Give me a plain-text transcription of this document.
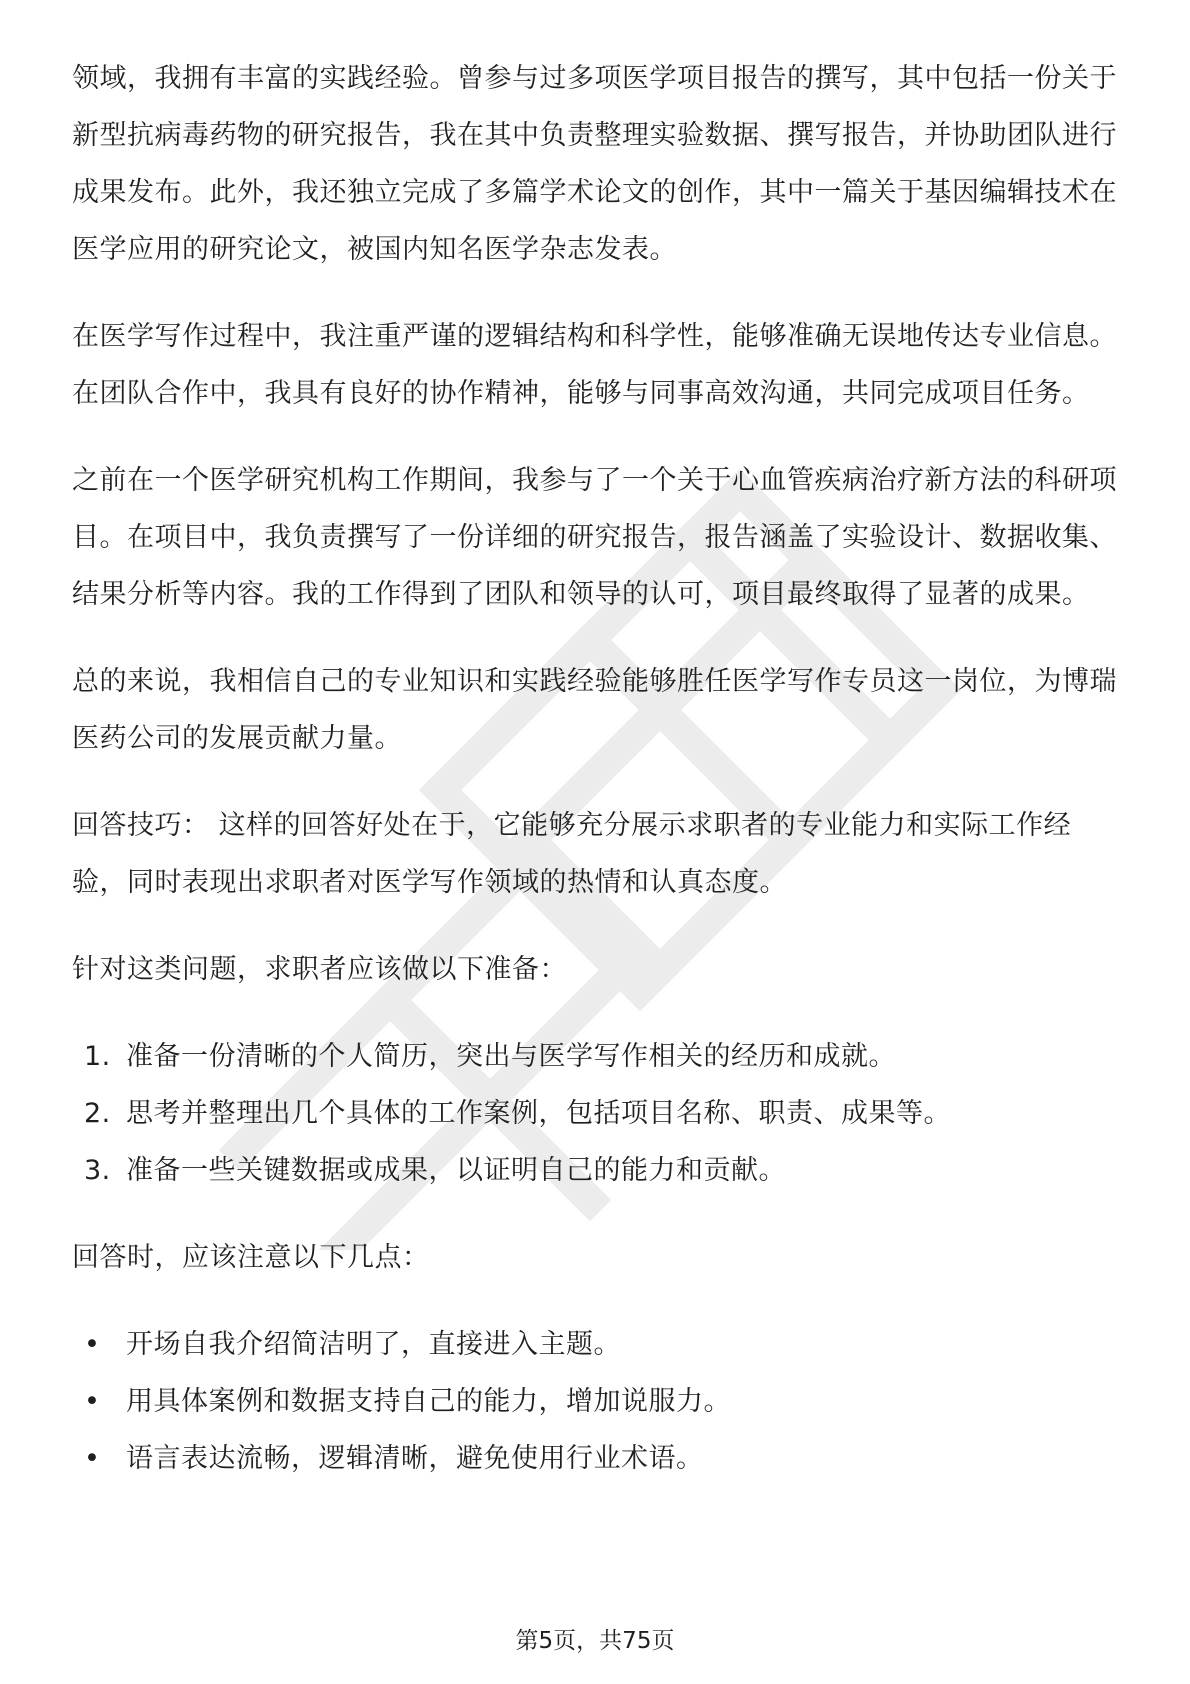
领域，我拥有丰富的实践经验。曾参与过多项医学项目报告的撰写，其中包括一份关于新型抗病毒药物的研究报告，我在其中负责整理实验数据、撰写报告，并协助团队进行成果发布。此外，我还独立完成了多篇学术论文的创作，其中一篇关于基因编辑技术在医学应用的研究论文，被国内知名医学杂志发表。

在医学写作过程中，我注重严谨的逻辑结构和科学性，能够准确无误地传达专业信息。在团队合作中，我具有良好的协作精神，能够与同事高效沟通，共同完成项目任务。

之前在一个医学研究机构工作期间，我参与了一个关于心血管疾病治疗新方法的科研项目。在项目中，我负责撰写了一份详细的研究报告，报告涵盖了实验设计、数据收集、结果分析等内容。我的工作得到了团队和领导的认可，项目最终取得了显著的成果。

总的来说，我相信自己的专业知识和实践经验能够胜任医学写作专员这一岗位，为博瑞医药公司的发展贡献力量。

回答技巧： 这样的回答好处在于，它能够充分展示求职者的专业能力和实际工作经验，同时表现出求职者对医学写作领域的热情和认真态度。

针对这类问题，求职者应该做以下准备：

1. 准备一份清晰的个人简历，突出与医学写作相关的经历和成就。
2. 思考并整理出几个具体的工作案例，包括项目名称、职责、成果等。
3. 准备一些关键数据或成果，以证明自己的能力和贡献。

回答时，应该注意以下几点：

• 开场自我介绍简洁明了，直接进入主题。
• 用具体案例和数据支持自己的能力，增加说服力。
• 语言表达流畅，逻辑清晰，避免使用行业术语。
第5页，共75页
